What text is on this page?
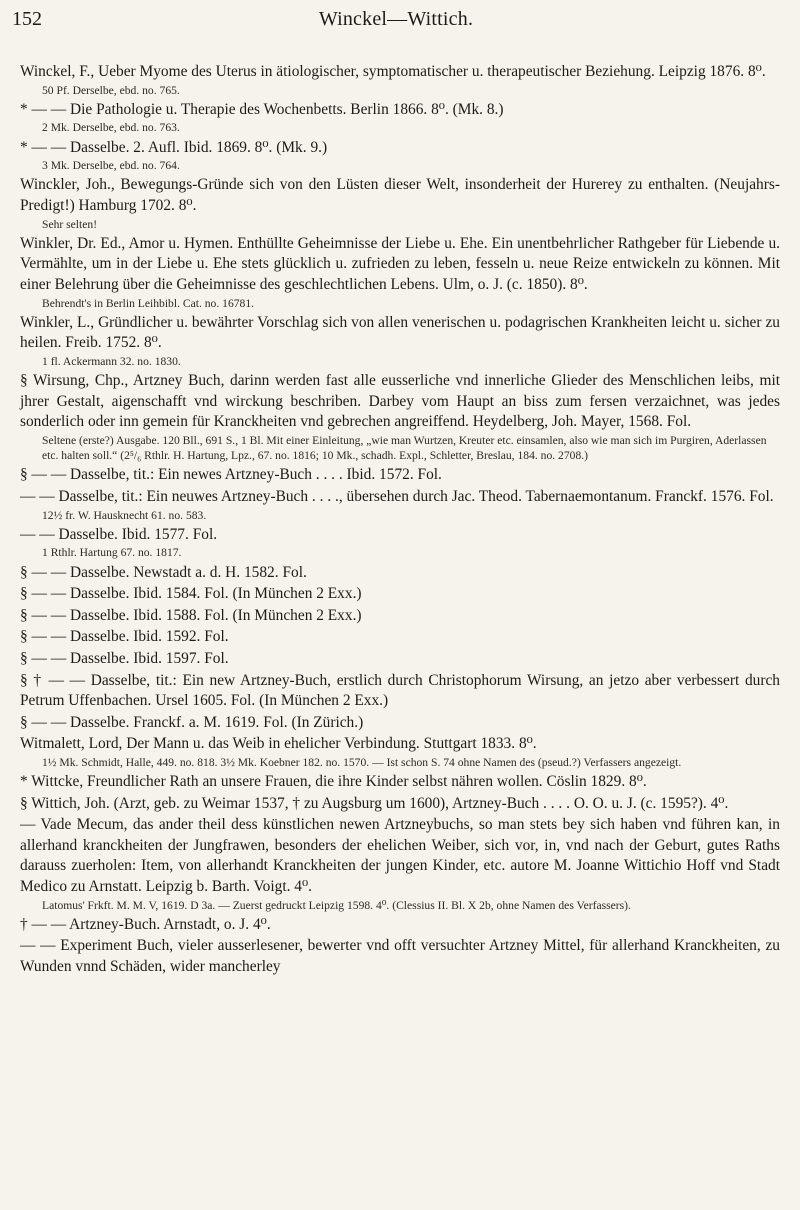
152	Winckel—Wittich.

Winckel, F., Ueber Myome des Uterus in ätiologischer, symptomatischer u. therapeutischer Beziehung. Leipzig 1876. 8⁰.

50 Pf. Derselbe, ebd. no. 765.

* — — Die Pathologie u. Therapie des Wochenbetts. Berlin 1866. 8⁰. (Mk. 8.)

2 Mk. Derselbe, ebd. no. 763.

* — — Dasselbe. 2. Aufl. Ibid. 1869. 8⁰. (Mk. 9.)

3 Mk. Derselbe, ebd. no. 764.

Winckler, Joh., Bewegungs-Gründe sich von den Lüsten dieser Welt, insonderheit der Hurerey zu enthalten. (Neujahrs-Predigt!) Hamburg 1702. 8⁰.

Sehr selten!

Winkler, Dr. Ed., Amor u. Hymen. Enthüllte Geheimnisse der Liebe u. Ehe. Ein unentbehrlicher Rathgeber für Liebende u. Vermählte, um in der Liebe u. Ehe stets glücklich u. zufrieden zu leben, fesseln u. neue Reize entwickeln zu können. Mit einer Belehrung über die Geheimnisse des geschlechtlichen Lebens. Ulm, o. J. (c. 1850). 8⁰.

Behrendt's in Berlin Leihbibl. Cat. no. 16781.

Winkler, L., Gründlicher u. bewährter Vorschlag sich von allen venerischen u. podagrischen Krankheiten leicht u. sicher zu heilen. Freib. 1752. 8⁰.

1 fl. Ackermann 32. no. 1830.

§ Wirsung, Chp., Artzney Buch, darinn werden fast alle eusserliche vnd innerliche Glieder des Menschlichen leibs, mit jhrer Gestalt, aigenschafft vnd wirckung beschriben. Darbey vom Haupt an biss zum fersen verzaichnet, was jedes sonderlich oder inn gemein für Kranckheiten vnd gebrechen angreiffend. Heydelberg, Joh. Mayer, 1568. Fol.

Seltene (erste?) Ausgabe. 120 Bll., 691 S., 1 Bl. Mit einer Einleitung, „wie man Wurtzen, Kreuter etc. einsamlen, also wie man sich im Purgiren, Aderlassen etc. halten soll.“ (2⁵/₆ Rthlr. H. Hartung, Lpz., 67. no. 1816; 10 Mk., schadh. Expl., Schletter, Breslau, 184. no. 2708.)

§ — — Dasselbe, tit.: Ein newes Artzney-Buch . . . . Ibid. 1572. Fol.

— — Dasselbe, tit.: Ein neuwes Artzney-Buch . . . ., übersehen durch Jac. Theod. Tabernaemontanum. Franckf. 1576. Fol.

12½ fr. W. Hausknecht 61. no. 583.

— — Dasselbe. Ibid. 1577. Fol.

1 Rthlr. Hartung 67. no. 1817.

§ — — Dasselbe. Newstadt a. d. H. 1582. Fol.

§ — — Dasselbe. Ibid. 1584. Fol. (In München 2 Exx.)

§ — — Dasselbe. Ibid. 1588. Fol. (In München 2 Exx.)

§ — — Dasselbe. Ibid. 1592. Fol.

§ — — Dasselbe. Ibid. 1597. Fol.

§ † — — Dasselbe, tit.: Ein new Artzney-Buch, erstlich durch Christophorum Wirsung, an jetzo aber verbessert durch Petrum Uffenbachen. Ursel 1605. Fol. (In München 2 Exx.)

§ — — Dasselbe. Franckf. a. M. 1619. Fol. (In Zürich.)

Witmalett, Lord, Der Mann u. das Weib in ehelicher Verbindung. Stuttgart 1833. 8⁰.

1½ Mk. Schmidt, Halle, 449. no. 818. 3½ Mk. Koebner 182. no. 1570. — Ist schon S. 74 ohne Namen des (pseud.?) Verfassers angezeigt.

* Wittcke, Freundlicher Rath an unsere Frauen, die ihre Kinder selbst nähren wollen. Cöslin 1829. 8⁰.

§ Wittich, Joh. (Arzt, geb. zu Weimar 1537, † zu Augsburg um 1600), Artzney-Buch . . . . O. O. u. J. (c. 1595?). 4⁰.

— Vade Mecum, das ander theil dess künstlichen newen Artzneybuchs, so man stets bey sich haben vnd führen kan, in allerhand kranckheiten der Jungfrawen, besonders der ehelichen Weiber, sich vor, in, vnd nach der Geburt, gutes Raths darauss zuerholen: Item, von allerhandt Kranckheiten der jungen Kinder, etc. autore M. Joanne Wittichio Hoff vnd Stadt Medico zu Arnstatt. Leipzig b. Barth. Voigt. 4⁰.

Latomus' Frkft. M. M. V, 1619. D 3a. — Zuerst gedruckt Leipzig 1598. 4⁰. (Clessius II. Bl. X 2b, ohne Namen des Verfassers).

† — — Artzney-Buch. Arnstadt, o. J. 4⁰.

— — Experiment Buch, vieler ausserlesener, bewerter vnd offt versuchter Artzney Mittel, für allerhand Kranckheiten, zu Wunden vnnd Schäden, wider mancherley
